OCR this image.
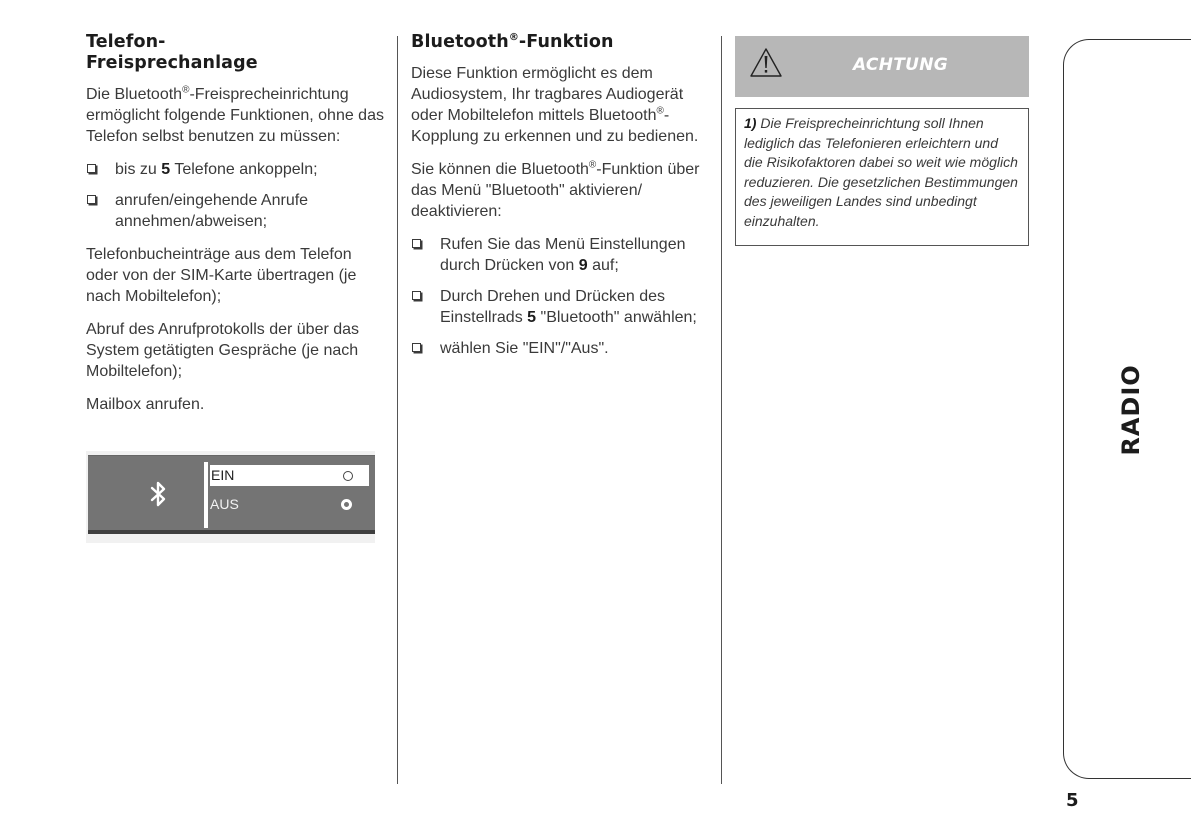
Telefon-
Freisprechanlage

Die Bluetooth®-Freisprecheinrichtung ermöglicht folgende Funktionen, ohne das Telefon selbst benutzen zu müssen:

bis zu 5 Telefone ankoppeln;
anrufen/eingehende Anrufe annehmen/abweisen;

Telefonbucheinträge aus dem Telefon oder von der SIM-Karte übertragen (je nach Mobiltelefon);

Abruf des Anrufprotokolls der über das System getätigten Gespräche (je nach Mobiltelefon);

Mailbox anrufen.

EIN
AUS
Bluetooth®-Funktion

Diese Funktion ermöglicht es dem Audiosystem, Ihr tragbares Audiogerät oder Mobiltelefon mittels Bluetooth®-Kopplung zu erkennen und zu bedienen.

Sie können die Bluetooth®-Funktion über das Menü "Bluetooth" aktivieren/ deaktivieren:

Rufen Sie das Menü Einstellungen durch Drücken von 9 auf;
Durch Drehen und Drücken des Einstellrads 5 "Bluetooth" anwählen;
wählen Sie "EIN"/"Aus".
ACHTUNG
1) Die Freisprecheinrichtung soll Ihnen lediglich das Telefonieren erleichtern und die Risikofaktoren dabei so weit wie möglich reduzieren. Die gesetzlichen Bestimmungen des jeweiligen Landes sind unbedingt einzuhalten.
RADIO
5
